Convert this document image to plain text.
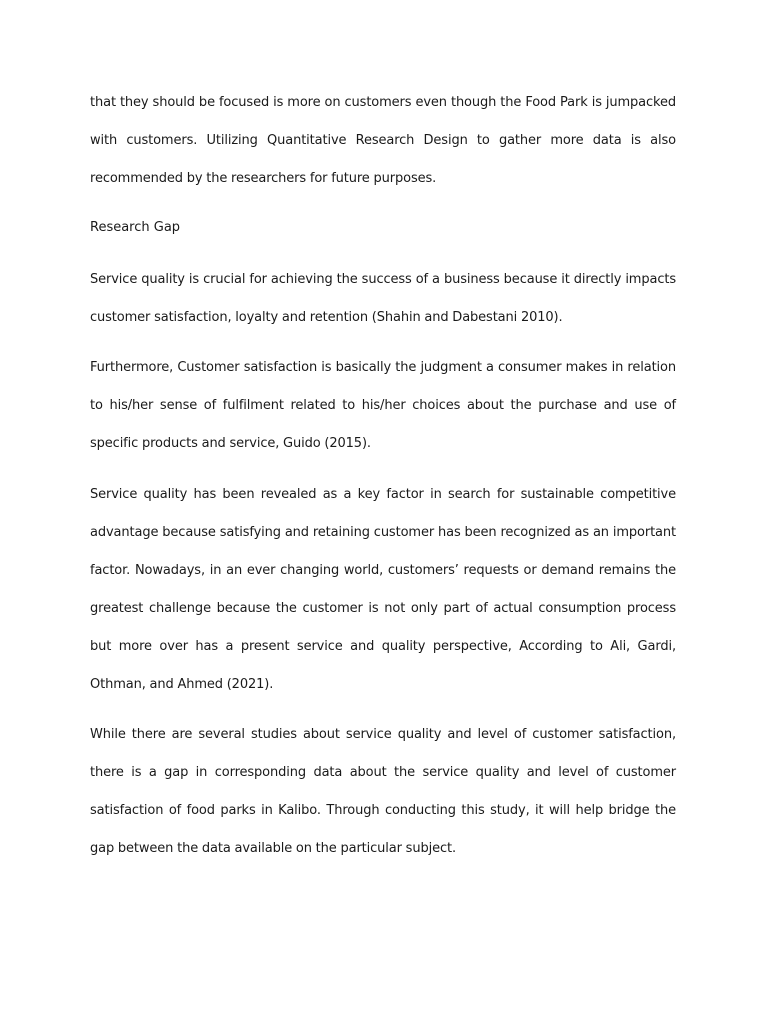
that they should be focused is more on customers even though the Food Park is jumpacked with customers. Utilizing Quantitative Research Design to gather more data is also recommended by the researchers for future purposes.

Research Gap

Service quality is crucial for achieving the success of a business because it directly impacts customer satisfaction, loyalty and retention (Shahin and Dabestani 2010).

Furthermore, Customer satisfaction is basically the judgment a consumer makes in relation to his/her sense of fulfilment related to his/her choices about the purchase and use of specific products and service, Guido (2015).

Service quality has been revealed as a key factor in search for sustainable competitive advantage because satisfying and retaining customer has been recognized as an important factor. Nowadays, in an ever changing world, customers’ requests or demand remains the greatest challenge because the customer is not only part of actual consumption process but more over has a present service and quality perspective, According to Ali, Gardi, Othman, and Ahmed (2021).

While there are several studies about service quality and level of customer satisfaction, there is a gap in corresponding data about the service quality and level of customer satisfaction of food parks in Kalibo. Through conducting this study, it will help bridge the gap between the data available on the particular subject.
